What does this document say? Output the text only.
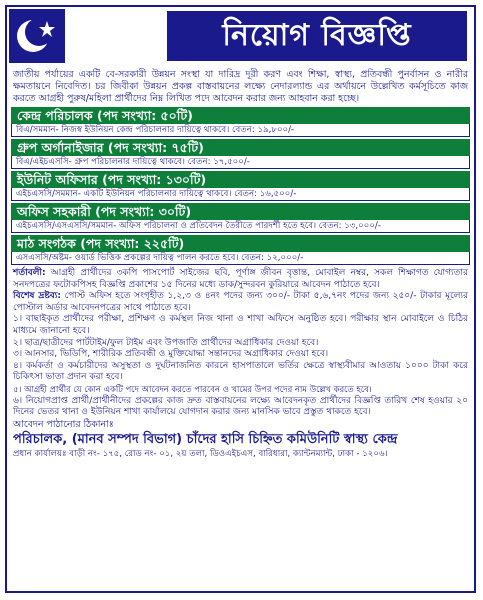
নিয়োগ বিজ্ঞপ্তি
জাতীয় পর্যায়ের একটি বে-সরকারী উন্নয়ন সংস্থা যা দারিদ্র দূরী করণ এবং শিক্ষা, স্বাস্থ্য, প্রতিবন্ধী পুনর্বাসন ও নারীর ক্ষমতায়নে নিবেদিত। চর জিবীকা উন্নয়ন প্রকল্প বাস্তবায়নের লক্ষ্যে নেদারল্যান্ড এর অর্থায়নে উল্লেখিত কর্মসূচিতে কাজ করতে আগ্রহী পুরুষ/মহিলা প্রার্থীদের নিম্ন লিখিত পদে আবেদন করার জন্য আহবান করা হচ্ছে।
কেন্দ্র পরিচালক (পদ সংখ্যা: ৫০টি)
বিএ/সমমান- নিজস্ব ইউনিয়ন কেন্দ্র পরিচালনার দায়িত্বে থাকবে। বেতন: ১৯,৮০০/-
গ্রুপ অর্গানাইজার (পদ সংখ্যা: ৭৫টি)
বিএ/এইচএসসি- গ্রুপ পরিচালনার দায়িত্বে থাকবে। বেতন: ১৭,৫০০/-
ইউনিট অফিসার (পদ সংখ্যা: ১৩০টি)
এইচএসসি/সমমান- একটি ইউনিয়ন পরিচালনার দায়িত্বে থাকবে। বেতন: ১৬,৫০০/-
অফিস সহকারী (পদ সংখ্যা: ৩০টি)
এইচএসসি/এসএসসি/সমমান- অফিস পরিচালনা ও প্রতিবেদন তৈরীতে পারদর্শী হতে হবে। বেতন: ১৩,০০০/-
মাঠ সংগঠক (পদ সংখ্যা: ২২৫টি)
এসএসসি/অষ্টম- ওয়ার্ড ভিত্তিক প্রকল্পের দায়িত্ব পালন করতে হবে। বেতন: ১২,০০০/-

শর্তাবলী: আগ্রহী প্রার্থীদের ৩কপি পাসপোর্ট সাইজের ছবি, পূর্ণাঙ্গ জীবন বৃত্তান্ত, মোবাইল নম্বর, সকল শিক্ষাগত যোগ্যতার সনদপত্রের ফটোকপিসহ বিজ্ঞপ্তি প্রকাশের ১৫ দিনের মধ্যে ডাক/সুন্দরবন কুরিয়ারে আবেদন পাঠাতে হবে।

বিশেষ দ্রষ্টব্য: পোস্ট অফিস হতে সংগৃহীত ১,২,৩ ও ৪নং পদের জন্য ৩০০/- টাকা ৫,৬,৭নং পদের জন্য ২৫০/- টাকার মূল্যের পোস্টাল অর্ডার আবেদনপত্রের সাথে পাঠাতে হবে।

১। বাছাইকৃত প্রার্থীদের পরীক্ষা, প্রশিক্ষণ ও কর্মস্থল নিজ থানা ও শাখা অফিসে অনুষ্ঠিত হবে। পরীক্ষার স্থান মোবাইলে ও চিঠির মাধ্যমে জানানো হবে।

২। ছাত্র/ছাত্রীদের পার্টটাইম/ফুল টাইম এবং উপজাতি প্রার্থীদের অগ্রাধিকার দেওয়া হবে।

৩। আনসার, ভিডিপি, শারীরিক প্রতিবন্ধী ও মুক্তিযোদ্ধা সন্তানদের অগ্রাধিকার দেওয়া হবে।

৪। কর্মকর্তা ও কর্মচারীদের অসুস্থতা ও দুর্ঘটনাজনিত কারনে হাসপাতালে ভর্তির ক্ষেত্রে স্বাস্থ্যবীমার আওতায় ১০০০ টাকা করে চিকিৎসা ভাতা প্রদান করা হবে।

৫। আগ্রহী প্রার্থীর যে কোন একটি পদে আবেদন করতে পারবেন ও খামের উপর পদের নাম উল্লেখ করতে হবে।

৬। নিয়োগপ্রাপ্ত প্রার্থী/প্রার্থীনীদের প্রকল্পের কাজ দ্রুত বাস্তবায়নের লক্ষ্যে আবেদনকৃত প্রার্থীদের বিজ্ঞপ্তি তারিখ শেষ হওয়ার ২০ দিনের ভেতর থানা ও ইউনিয়ন শাখা কার্যালয়ে যোগদান করার জন্য মানসিক ভাবে প্রস্তুত থাকতে হবে।

আবেদন পাঠানোর ঠিকানাঃ
পরিচালক, (মানব সম্পদ বিভাগ) চাঁদের হাসি চিহ্নিত কমিউনিটি স্বাস্থ্য কেন্দ্র
প্রধান কার্যালয়ঃ বাড়ী নং- ১৭৫, রোড নং- ০১, ২য় তলা, ডিওএইচএস, বারিধারা, ক্যান্টনম্যান্ট, ঢাকা - ১২০৬।
